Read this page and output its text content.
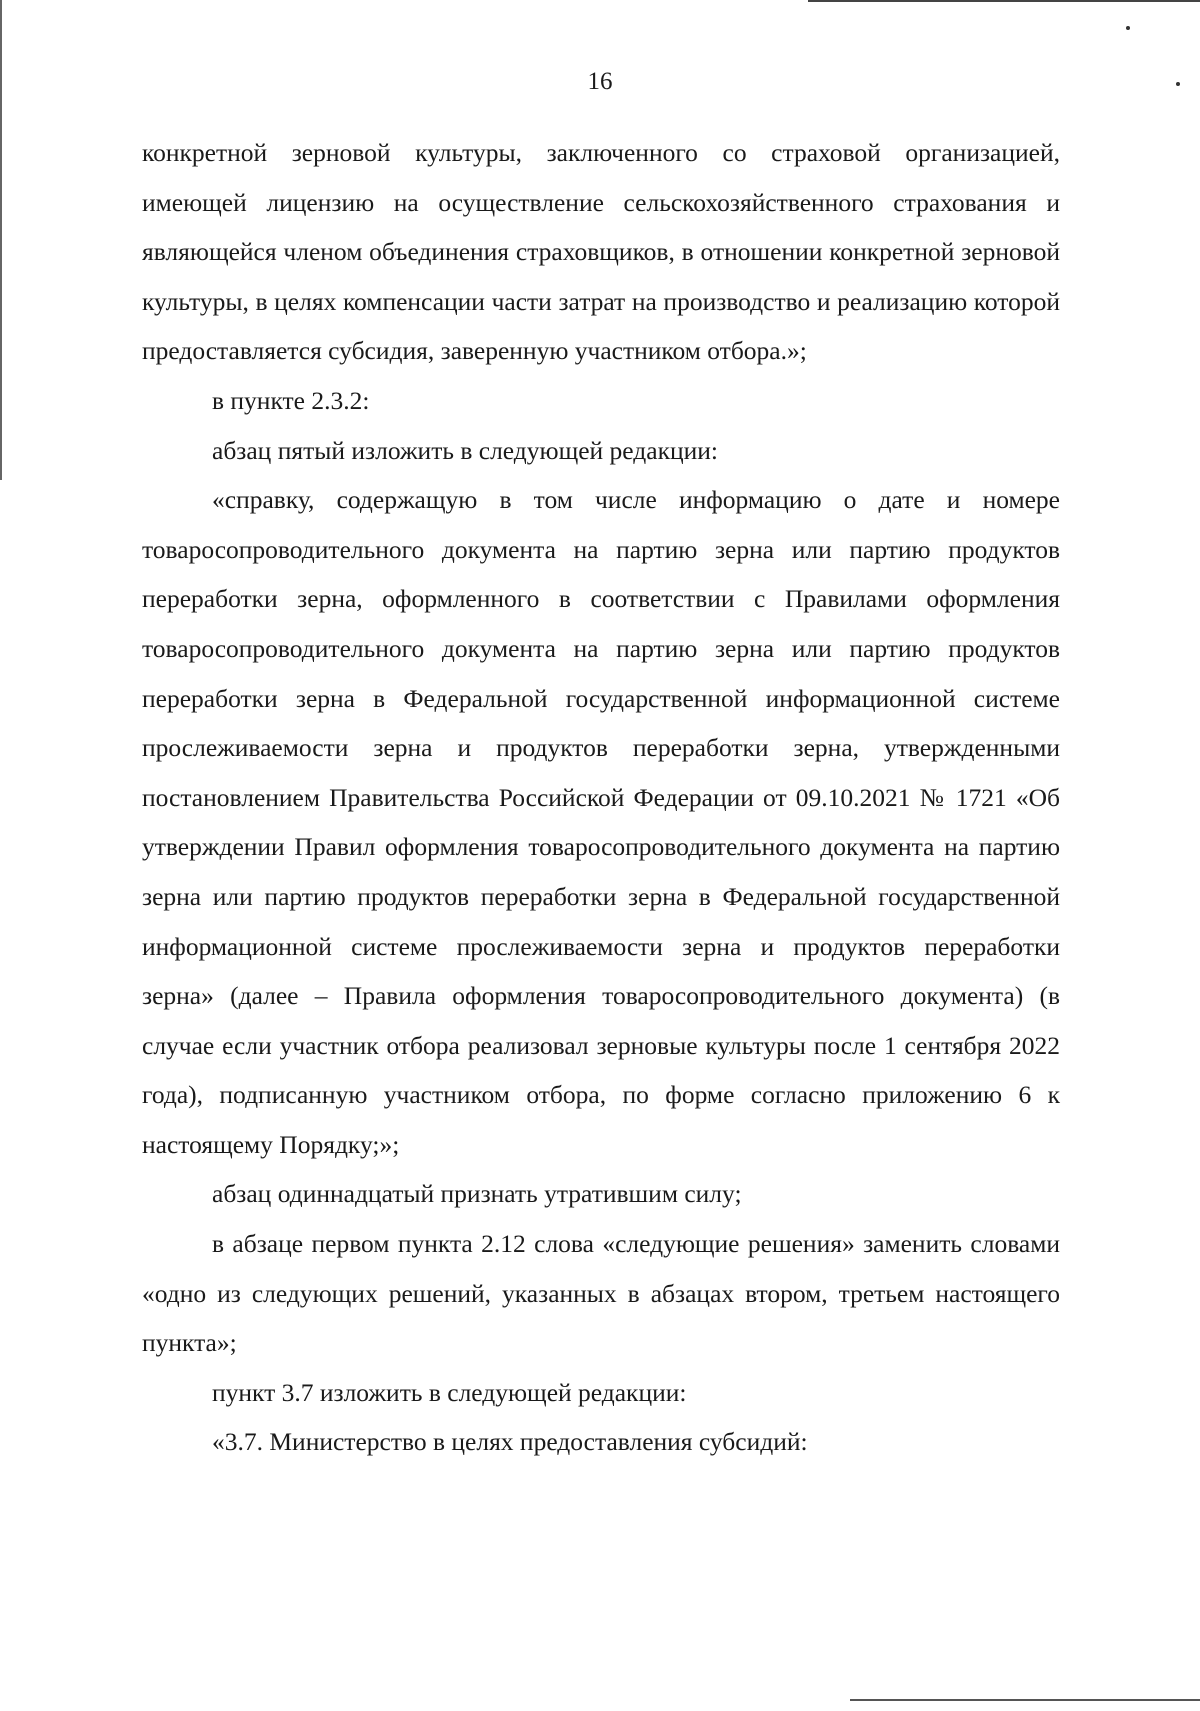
16

конкретной зерновой культуры, заключенного со страховой организацией, имеющей лицензию на осуществление сельскохозяйственного страхования и являющейся членом объединения страховщиков, в отношении конкретной зерновой культуры, в целях компенсации части затрат на производство и реализацию которой предоставляется субсидия, заверенную участником отбора.»;

в пункте 2.3.2:

абзац пятый изложить в следующей редакции:

«справку, содержащую в том числе информацию о дате и номере товаросопроводительного документа на партию зерна или партию продуктов переработки зерна, оформленного в соответствии с Правилами оформления товаросопроводительного документа на партию зерна или партию продуктов переработки зерна в Федеральной государственной информационной системе прослеживаемости зерна и продуктов переработки зерна, утвержденными постановлением Правительства Российской Федерации от 09.10.2021 № 1721 «Об утверждении Правил оформления товаросопроводительного документа на партию зерна или партию продуктов переработки зерна в Федеральной государственной информационной системе прослеживаемости зерна и продуктов переработки зерна» (далее – Правила оформления товаросопроводительного документа) (в случае если участник отбора реализовал зерновые культуры после 1 сентября 2022 года), подписанную участником отбора, по форме согласно приложению 6 к настоящему Порядку;»;

абзац одиннадцатый признать утратившим силу;

в абзаце первом пункта 2.12 слова «следующие решения» заменить словами «одно из следующих решений, указанных в абзацах втором, третьем настоящего пункта»;

пункт 3.7 изложить в следующей редакции:

«3.7. Министерство в целях предоставления субсидий:
